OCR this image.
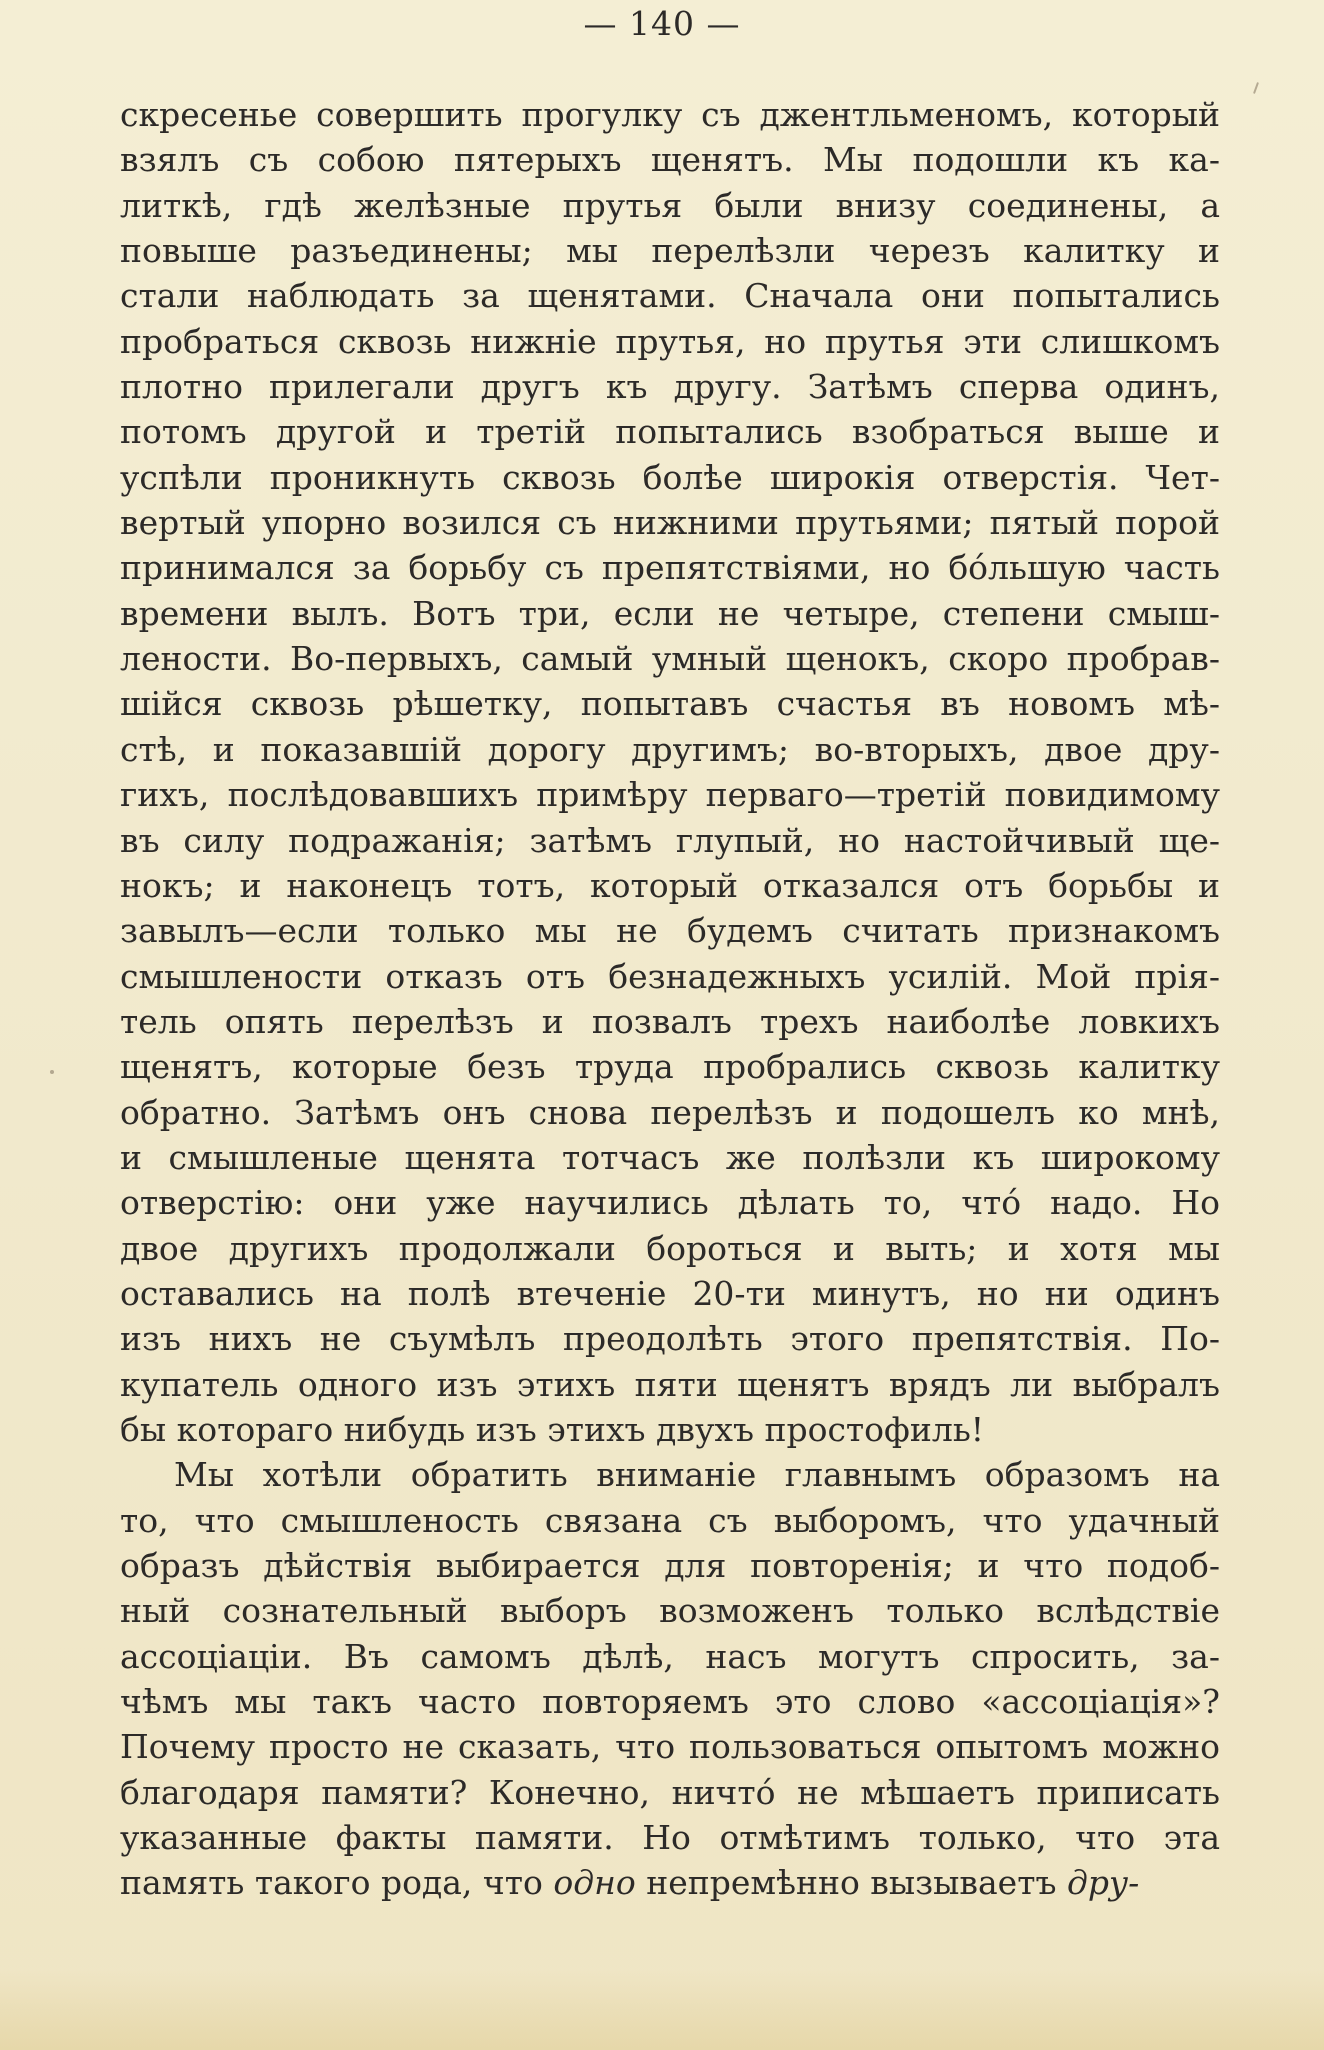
— 140 —
скресенье совершить прогулку съ джентльменомъ, который
взялъ съ собою пятерыхъ щенятъ. Мы подошли къ ка-
литкѣ, гдѣ желѣзные прутья были внизу соединены, а
повыше разъединены; мы перелѣзли черезъ калитку и
стали наблюдать за щенятами. Сначала они попытались
пробраться сквозь нижнiе прутья, но прутья эти слишкомъ
плотно прилегали другъ къ другу. Затѣмъ сперва одинъ,
потомъ другой и третiй попытались взобраться выше и
успѣли проникнуть сквозь болѣе широкiя отверстiя. Чет-
вертый упорно возился съ нижними прутьями; пятый порой
принимался за борьбу съ препятствiями, но бóльшую часть
времени вылъ. Вотъ три, если не четыре, степени смыш-
лености. Во-первыхъ, самый умный щенокъ, скоро пробрав-
шiйся сквозь рѣшетку, попытавъ счастья въ новомъ мѣ-
стѣ, и показавшiй дорогу другимъ; во-вторыхъ, двое дру-
гихъ, послѣдовавшихъ примѣру перваго—третiй повидимому
въ силу подражанiя; затѣмъ глупый, но настойчивый ще-
нокъ; и наконецъ тотъ, который отказался отъ борьбы и
завылъ—если только мы не будемъ считать признакомъ
смышлености отказъ отъ безнадежныхъ усилiй. Мой прiя-
тель опять перелѣзъ и позвалъ трехъ наиболѣе ловкихъ
щенятъ, которые безъ труда пробрались сквозь калитку
обратно. Затѣмъ онъ снова перелѣзъ и подошелъ ко мнѣ,
и смышленые щенята тотчасъ же полѣзли къ широкому
отверстiю: они уже научились дѣлать то, чтó надо. Но
двое другихъ продолжали бороться и выть; и хотя мы
оставались на полѣ втеченiе 20-ти минутъ, но ни одинъ
изъ нихъ не съумѣлъ преодолѣть этого препятствiя. По-
купатель одного изъ этихъ пяти щенятъ врядъ ли выбралъ
бы котораго нибудь изъ этихъ двухъ простофиль!
Мы хотѣли обратить вниманiе главнымъ образомъ на
то, что смышленость связана съ выборомъ, что удачный
образъ дѣйствiя выбирается для повторенiя; и что подоб-
ный сознательный выборъ возможенъ только вслѣдствiе
ассоцiацiи. Въ самомъ дѣлѣ, насъ могутъ спросить, за-
чѣмъ мы такъ часто повторяемъ это слово «ассоцiацiя»?
Почему просто не сказать, что пользоваться опытомъ можно
благодаря памяти? Конечно, ничтó не мѣшаетъ приписать
указанные факты памяти. Но отмѣтимъ только, что эта
память такого рода, что одно непремѣнно вызываетъ дру-
